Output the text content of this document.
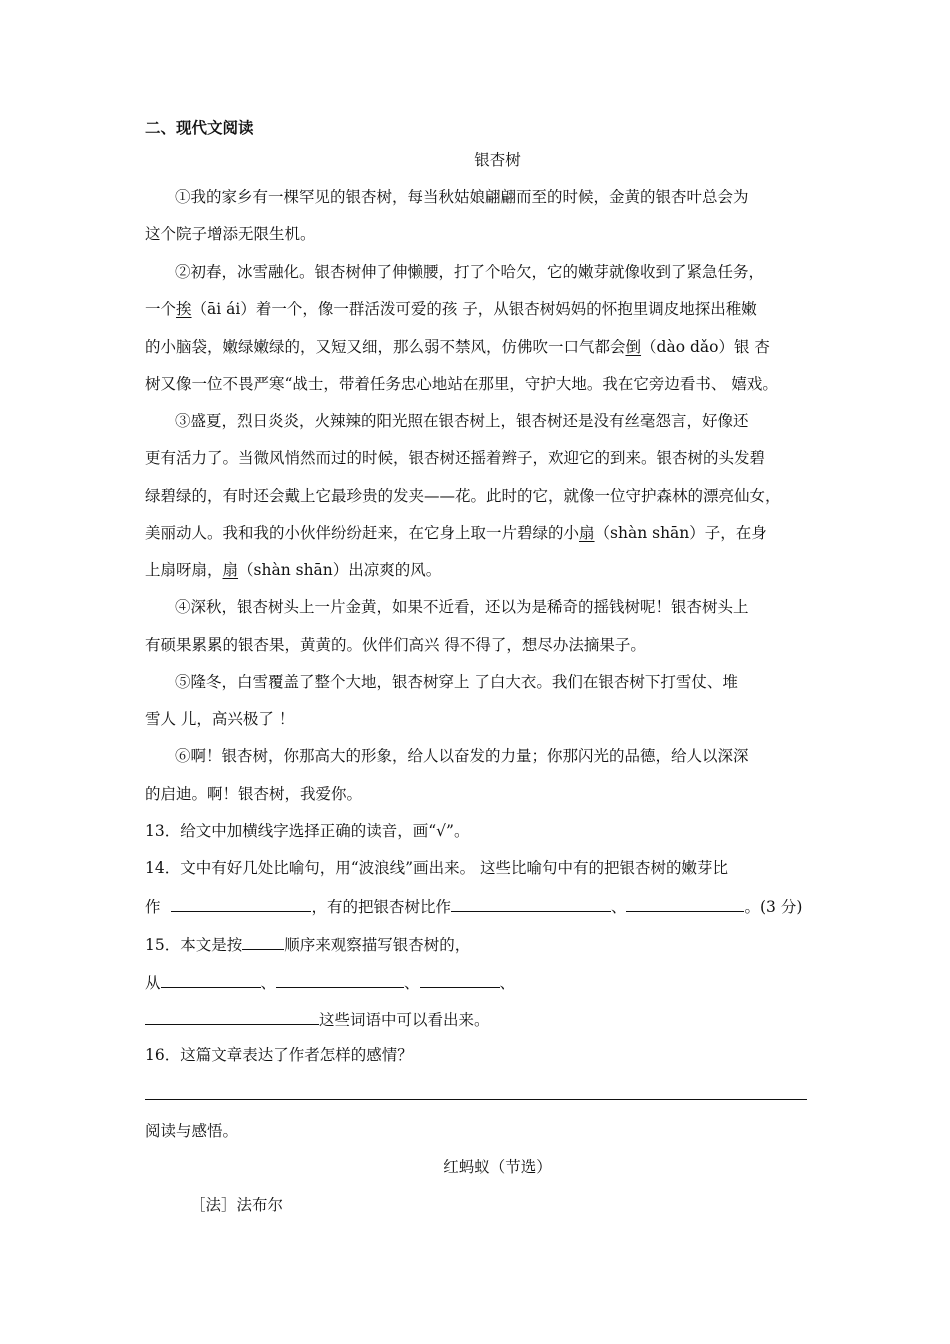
二、现代文阅读
银杏树
①我的家乡有一棵罕见的银杏树，每当秋姑娘翩翩而至的时候，金黄的银杏叶总会为
这个院子增添无限生机。
②初春，冰雪融化。银杏树伸了伸懒腰，打了个哈欠，它的嫩芽就像收到了紧急任务，
一个挨（āi ái）着一个，像一群活泼可爱的孩 子，从银杏树妈妈的怀抱里调皮地探出稚嫩
的小脑袋，嫩绿嫩绿的，又短又细，那么弱不禁风，仿佛吹一口气都会倒（dào dǎo）银 杏
树又像一位不畏严寒“战士，带着任务忠心地站在那里，守护大地。我在它旁边看书、 嬉戏。
③盛夏，烈日炎炎，火辣辣的阳光照在银杏树上，银杏树还是没有丝毫怨言，好像还
更有活力了。当微风悄然而过的时候，银杏树还摇着辫子，欢迎它的到来。银杏树的头发碧
绿碧绿的，有时还会戴上它最珍贵的发夹——花。此时的它，就像一位守护森林的漂亮仙女，
美丽动人。我和我的小伙伴纷纷赶来，在它身上取一片碧绿的小扇（shàn shān）子，在身
上扇呀扇，扇（shàn shān）出凉爽的风。
④深秋，银杏树头上一片金黄，如果不近看，还以为是稀奇的摇钱树呢！银杏树头上
有硕果累累的银杏果，黄黄的。伙伴们高兴 得不得了，想尽办法摘果子。
⑤隆冬，白雪覆盖了整个大地，银杏树穿上 了白大衣。我们在银杏树下打雪仗、堆
雪人 儿，高兴极了 ！
⑥啊！银杏树，你那高大的形象，给人以奋发的力量；你那闪光的品德，给人以深深
的启迪。啊！银杏树，我爱你。
13．给文中加横线字选择正确的读音，画“√”。
14．文中有好几处比喻句，用“波浪线”画出来。 这些比喻句中有的把银杏树的嫩芽比
作	，有的把银杏树比作	、	。(3 分)
15．本文是按	顺序来观察描写银杏树的，
从	、	、	、
这些词语中可以看出来。
16．这篇文章表达了作者怎样的感情？
阅读与感悟。
红蚂蚁（节选）
［法］法布尔
